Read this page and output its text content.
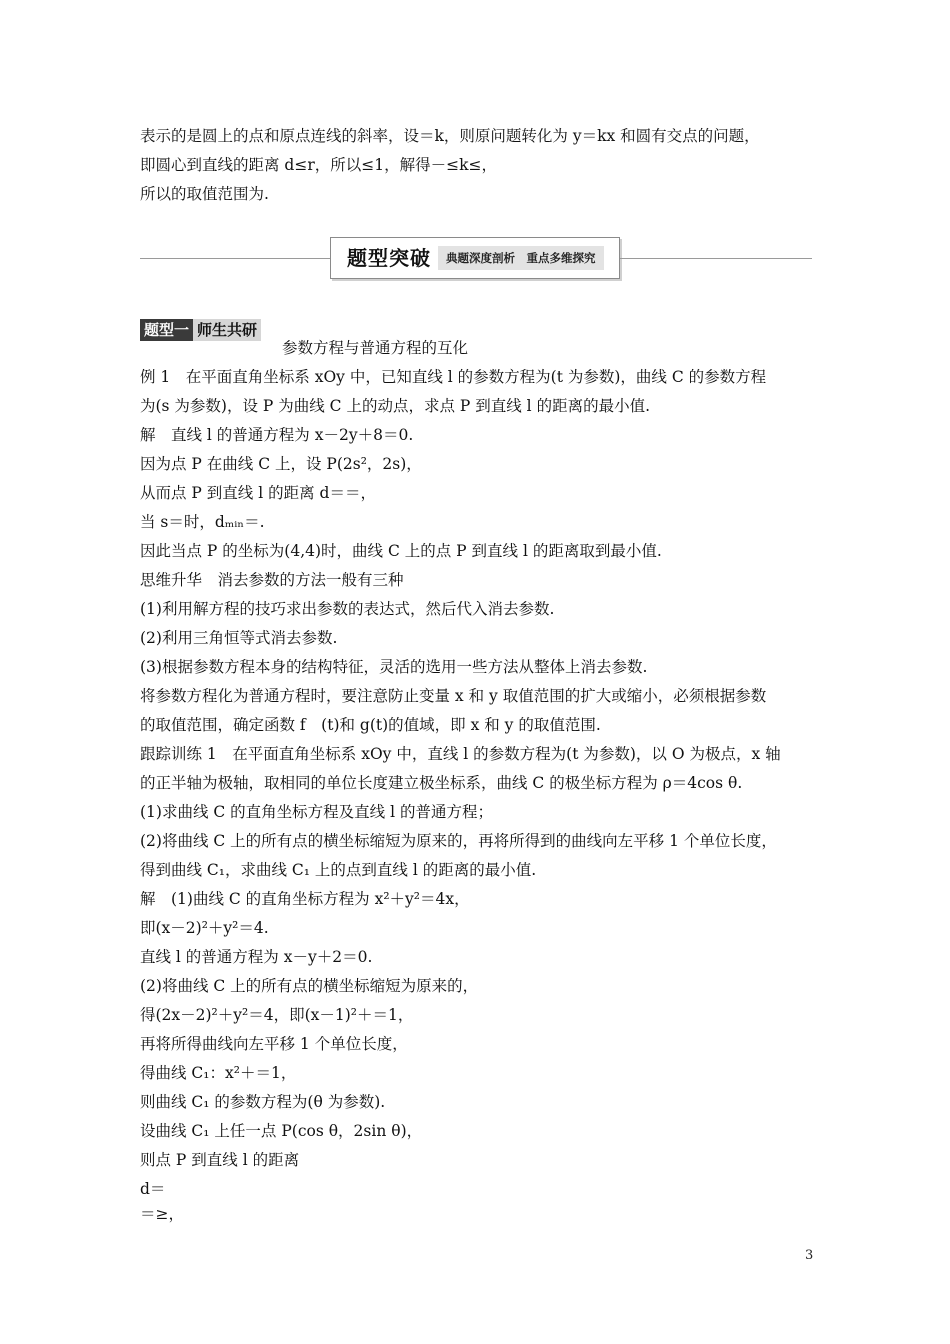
表示的是圆上的点和原点连线的斜率，设＝k，则原问题转化为 y＝kx 和圆有交点的问题，
即圆心到直线的距离 d≤r，所以≤1，解得－≤k≤，
所以的取值范围为.
题型突破	典题深度剖析　重点多维探究
题型一 师生共研
参数方程与普通方程的互化
例 1　在平面直角坐标系 xOy 中，已知直线 l 的参数方程为(t 为参数)，曲线 C 的参数方程
为(s 为参数)，设 P 为曲线 C 上的动点，求点 P 到直线 l 的距离的最小值.
解　直线 l 的普通方程为 x－2y＋8＝0.
因为点 P 在曲线 C 上，设 P(2s²，2s)，
从而点 P 到直线 l 的距离 d＝＝，
当 s＝时，dₘᵢₙ＝.
因此当点 P 的坐标为(4,4)时，曲线 C 上的点 P 到直线 l 的距离取到最小值.
思维升华　消去参数的方法一般有三种
(1)利用解方程的技巧求出参数的表达式，然后代入消去参数.
(2)利用三角恒等式消去参数.
(3)根据参数方程本身的结构特征，灵活的选用一些方法从整体上消去参数.
将参数方程化为普通方程时，要注意防止变量 x 和 y 取值范围的扩大或缩小，必须根据参数
的取值范围，确定函数 f　(t)和 g(t)的值域，即 x 和 y 的取值范围.
跟踪训练 1　在平面直角坐标系 xOy 中，直线 l 的参数方程为(t 为参数)，以 O 为极点，x 轴
的正半轴为极轴，取相同的单位长度建立极坐标系，曲线 C 的极坐标方程为 ρ＝4cos θ.
(1)求曲线 C 的直角坐标方程及直线 l 的普通方程；
(2)将曲线 C 上的所有点的横坐标缩短为原来的，再将所得到的曲线向左平移 1 个单位长度，
得到曲线 C₁，求曲线 C₁ 上的点到直线 l 的距离的最小值.
解　(1)曲线 C 的直角坐标方程为 x²＋y²＝4x，
即(x－2)²＋y²＝4.
直线 l 的普通方程为 x－y＋2＝0.
(2)将曲线 C 上的所有点的横坐标缩短为原来的，
得(2x－2)²＋y²＝4，即(x－1)²＋＝1，
再将所得曲线向左平移 1 个单位长度，
得曲线 C₁：x²＋＝1，
则曲线 C₁ 的参数方程为(θ 为参数).
设曲线 C₁ 上任一点 P(cos θ，2sin θ)，
则点 P 到直线 l 的距离
d＝
＝≥，
3
